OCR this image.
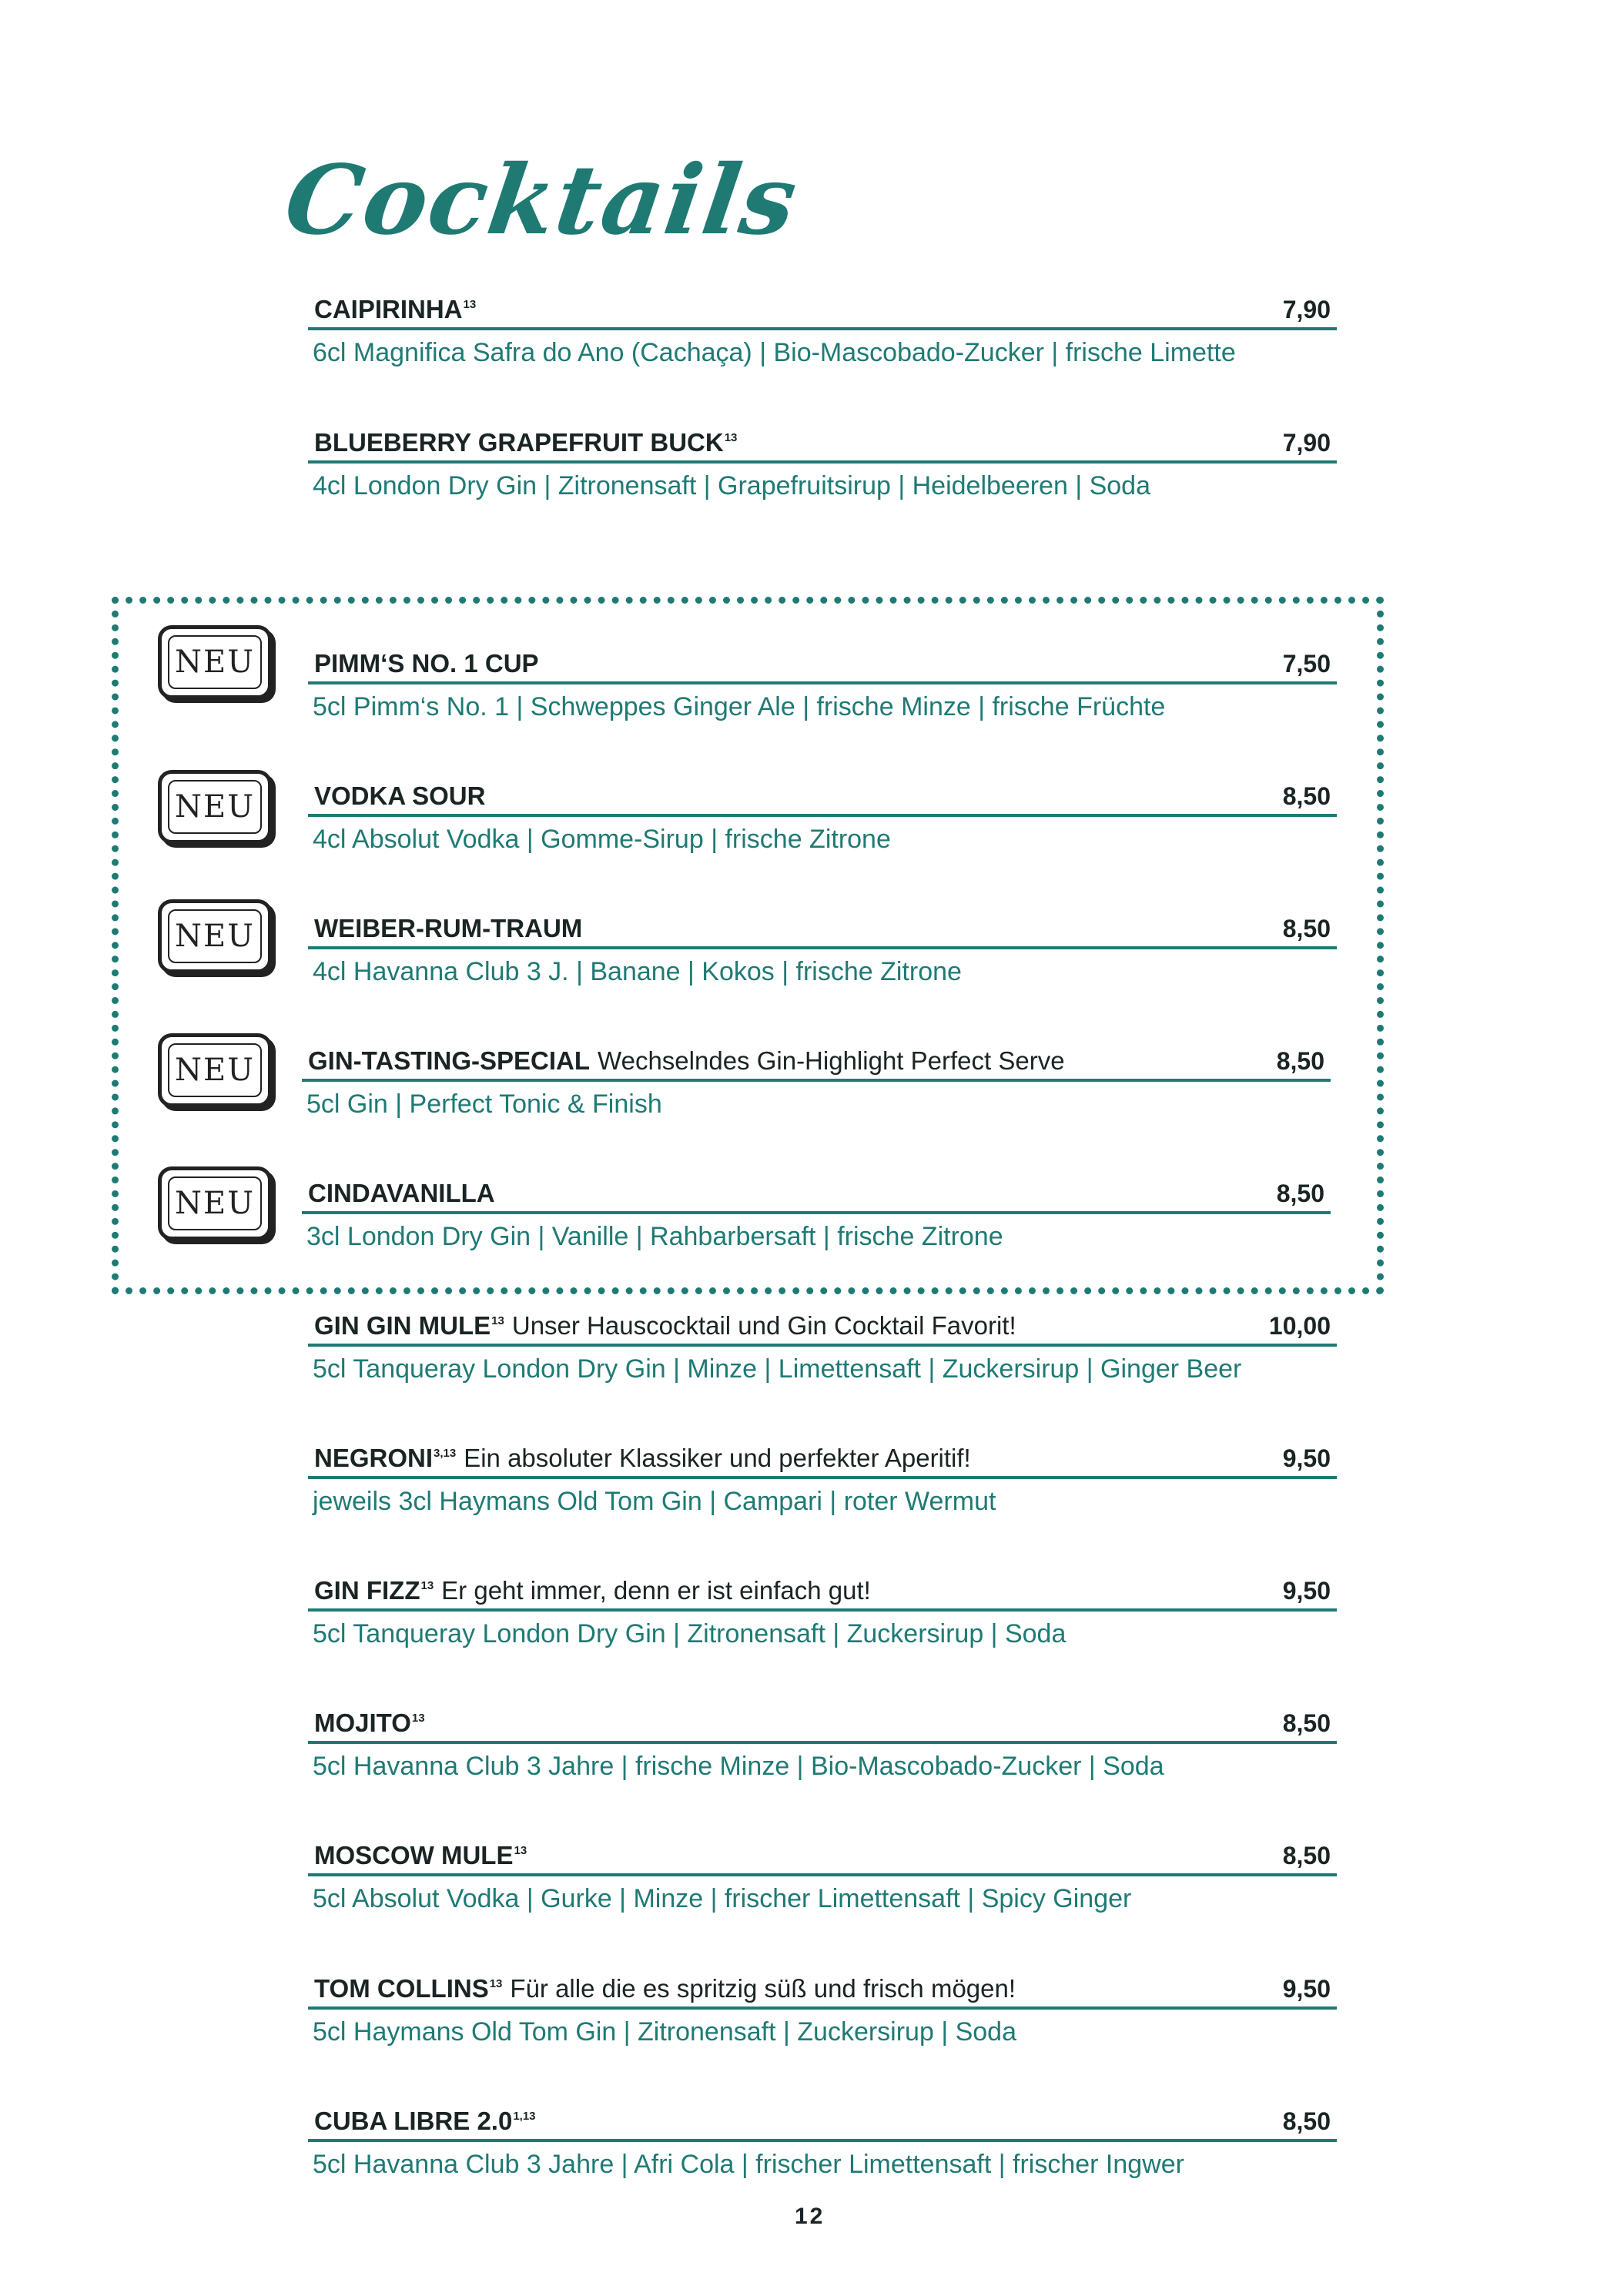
Cocktails
NEU
NEU
NEU
NEU
NEU
CAIPIRINHA$^{13}$	7,90
6cl Magnifica Safra do Ano (Cachaça) | Bio-Mascobado-Zucker | frische Limette
BLUEBERRY GRAPEFRUIT BUCK$^{13}$	7,90
4cl London Dry Gin | Zitronensaft | Grapefruitsirup | Heidelbeeren | Soda
PIMM‘S NO. 1 CUP	7,50
5cl Pimm‘s No. 1 | Schweppes Ginger Ale | frische Minze | frische Früchte
VODKA SOUR	8,50
4cl Absolut Vodka | Gomme-Sirup | frische Zitrone
WEIBER-RUM-TRAUM	8,50
4cl Havanna Club 3 J. | Banane | Kokos | frische Zitrone
GIN-TASTING-SPECIAL Wechselndes Gin-Highlight Perfect Serve	8,50
5cl Gin | Perfect Tonic & Finish
CINDAVANILLA	8,50
3cl London Dry Gin | Vanille | Rahbarbersaft | frische Zitrone
GIN GIN MULE$^{13}$ Unser Hauscocktail und Gin Cocktail Favorit!	10,00
5cl Tanqueray London Dry Gin | Minze | Limettensaft | Zuckersirup | Ginger Beer
NEGRONI$^{3,13}$ Ein absoluter Klassiker und perfekter Aperitif!	9,50
jeweils 3cl Haymans Old Tom Gin | Campari | roter Wermut
GIN FIZZ$^{13}$ Er geht immer, denn er ist einfach gut!	9,50
5cl Tanqueray London Dry Gin | Zitronensaft | Zuckersirup | Soda
MOJITO$^{13}$	8,50
5cl Havanna Club 3 Jahre | frische Minze | Bio-Mascobado-Zucker | Soda
MOSCOW MULE$^{13}$	8,50
5cl Absolut Vodka | Gurke | Minze | frischer Limettensaft | Spicy Ginger
TOM COLLINS$^{13}$ Für alle die es spritzig süß und frisch mögen!	9,50
5cl Haymans Old Tom Gin | Zitronensaft | Zuckersirup | Soda
CUBA LIBRE 2.0$^{1,13}$	8,50
5cl Havanna Club 3 Jahre | Afri Cola | frischer Limettensaft | frischer Ingwer
12
